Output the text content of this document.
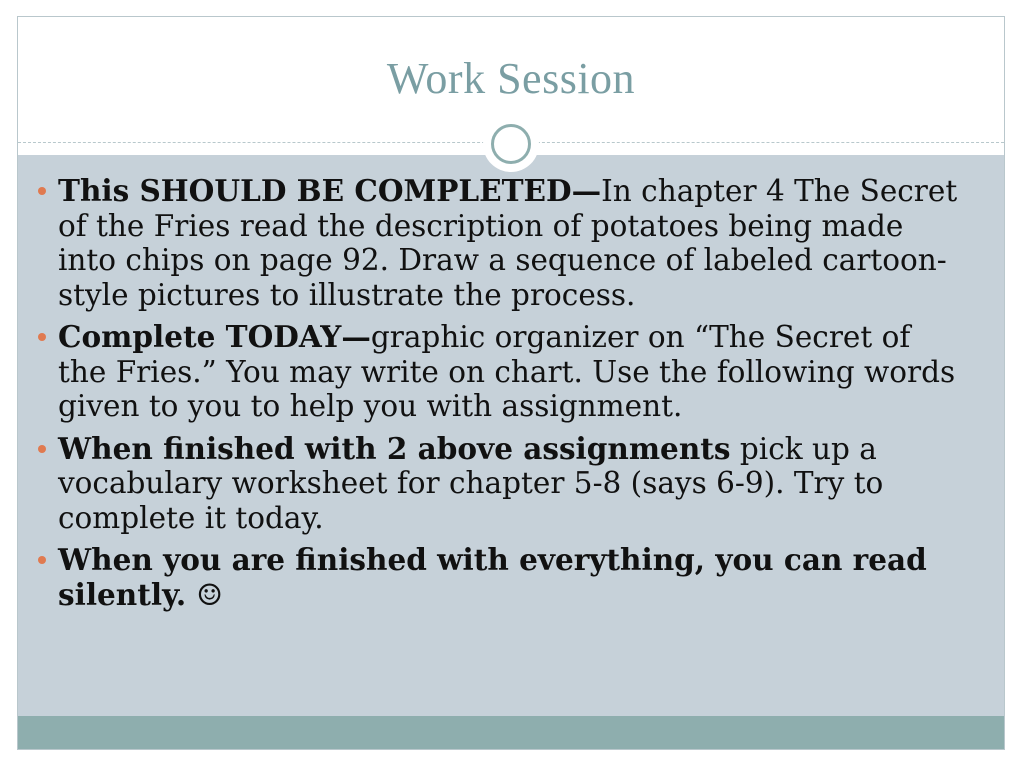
Work Session
This SHOULD BE COMPLETED—In chapter 4 The Secret of the Fries read the description of potatoes being made into chips on page 92. Draw a sequence of labeled cartoon-style pictures to illustrate the process.
Complete TODAY—graphic organizer on “The Secret of the Fries.” You may write on chart. Use the following words given to you to help you with assignment.
When finished with 2 above assignments pick up a vocabulary worksheet for chapter 5-8 (says 6-9). Try to complete it today.
When you are finished with everything, you can read silently. ☺
